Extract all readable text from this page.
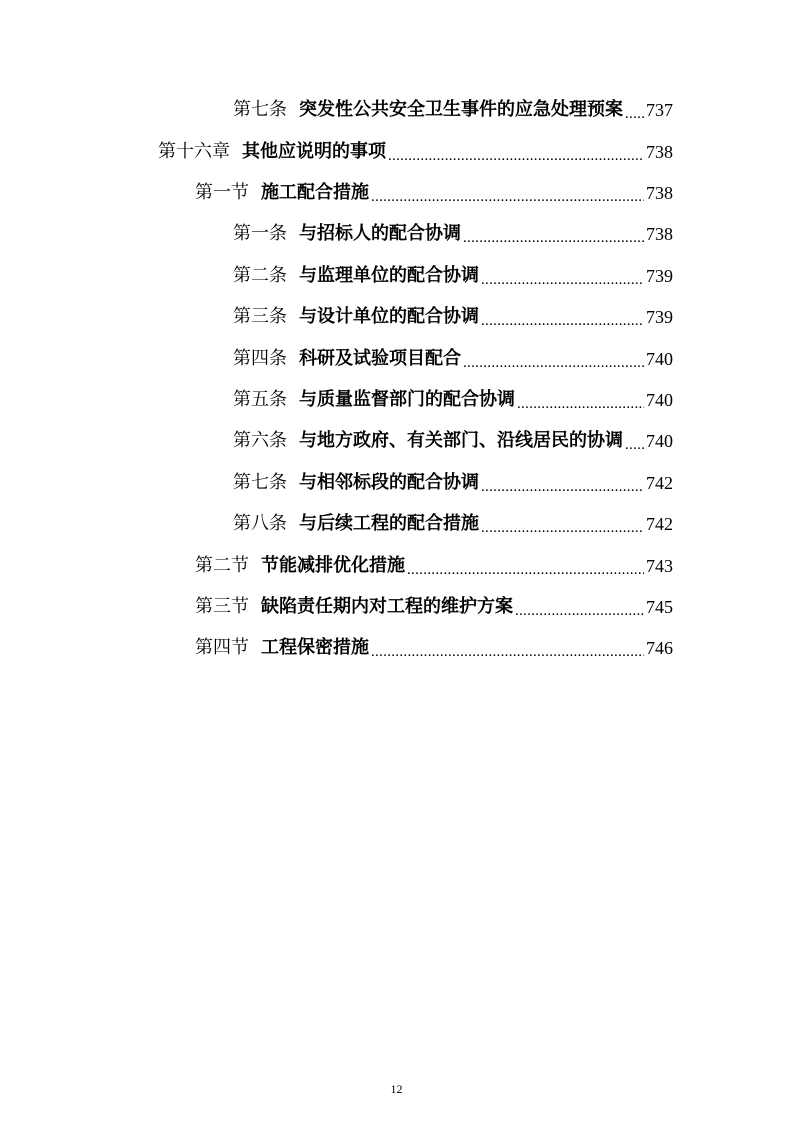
第七条 突发性公共安全卫生事件的应急处理预案 ..... 737
第十六章 其他应说明的事项 .....	738
第一节 施工配合措施 .....	738
第一条 与招标人的配合协调 .....	738
第二条 与监理单位的配合协调 .....	739
第三条 与设计单位的配合协调 .....	739
第四条 科研及试验项目配合 .....	740
第五条 与质量监督部门的配合协调 .....	740
第六条 与地方政府、有关部门、沿线居民的协调 ..... 740
第七条 与相邻标段的配合协调 .....	742
第八条 与后续工程的配合措施 .....	742
第二节 节能减排优化措施 .....	743
第三节 缺陷责任期内对工程的维护方案 .....	745
第四节 工程保密措施 .....	746
12
